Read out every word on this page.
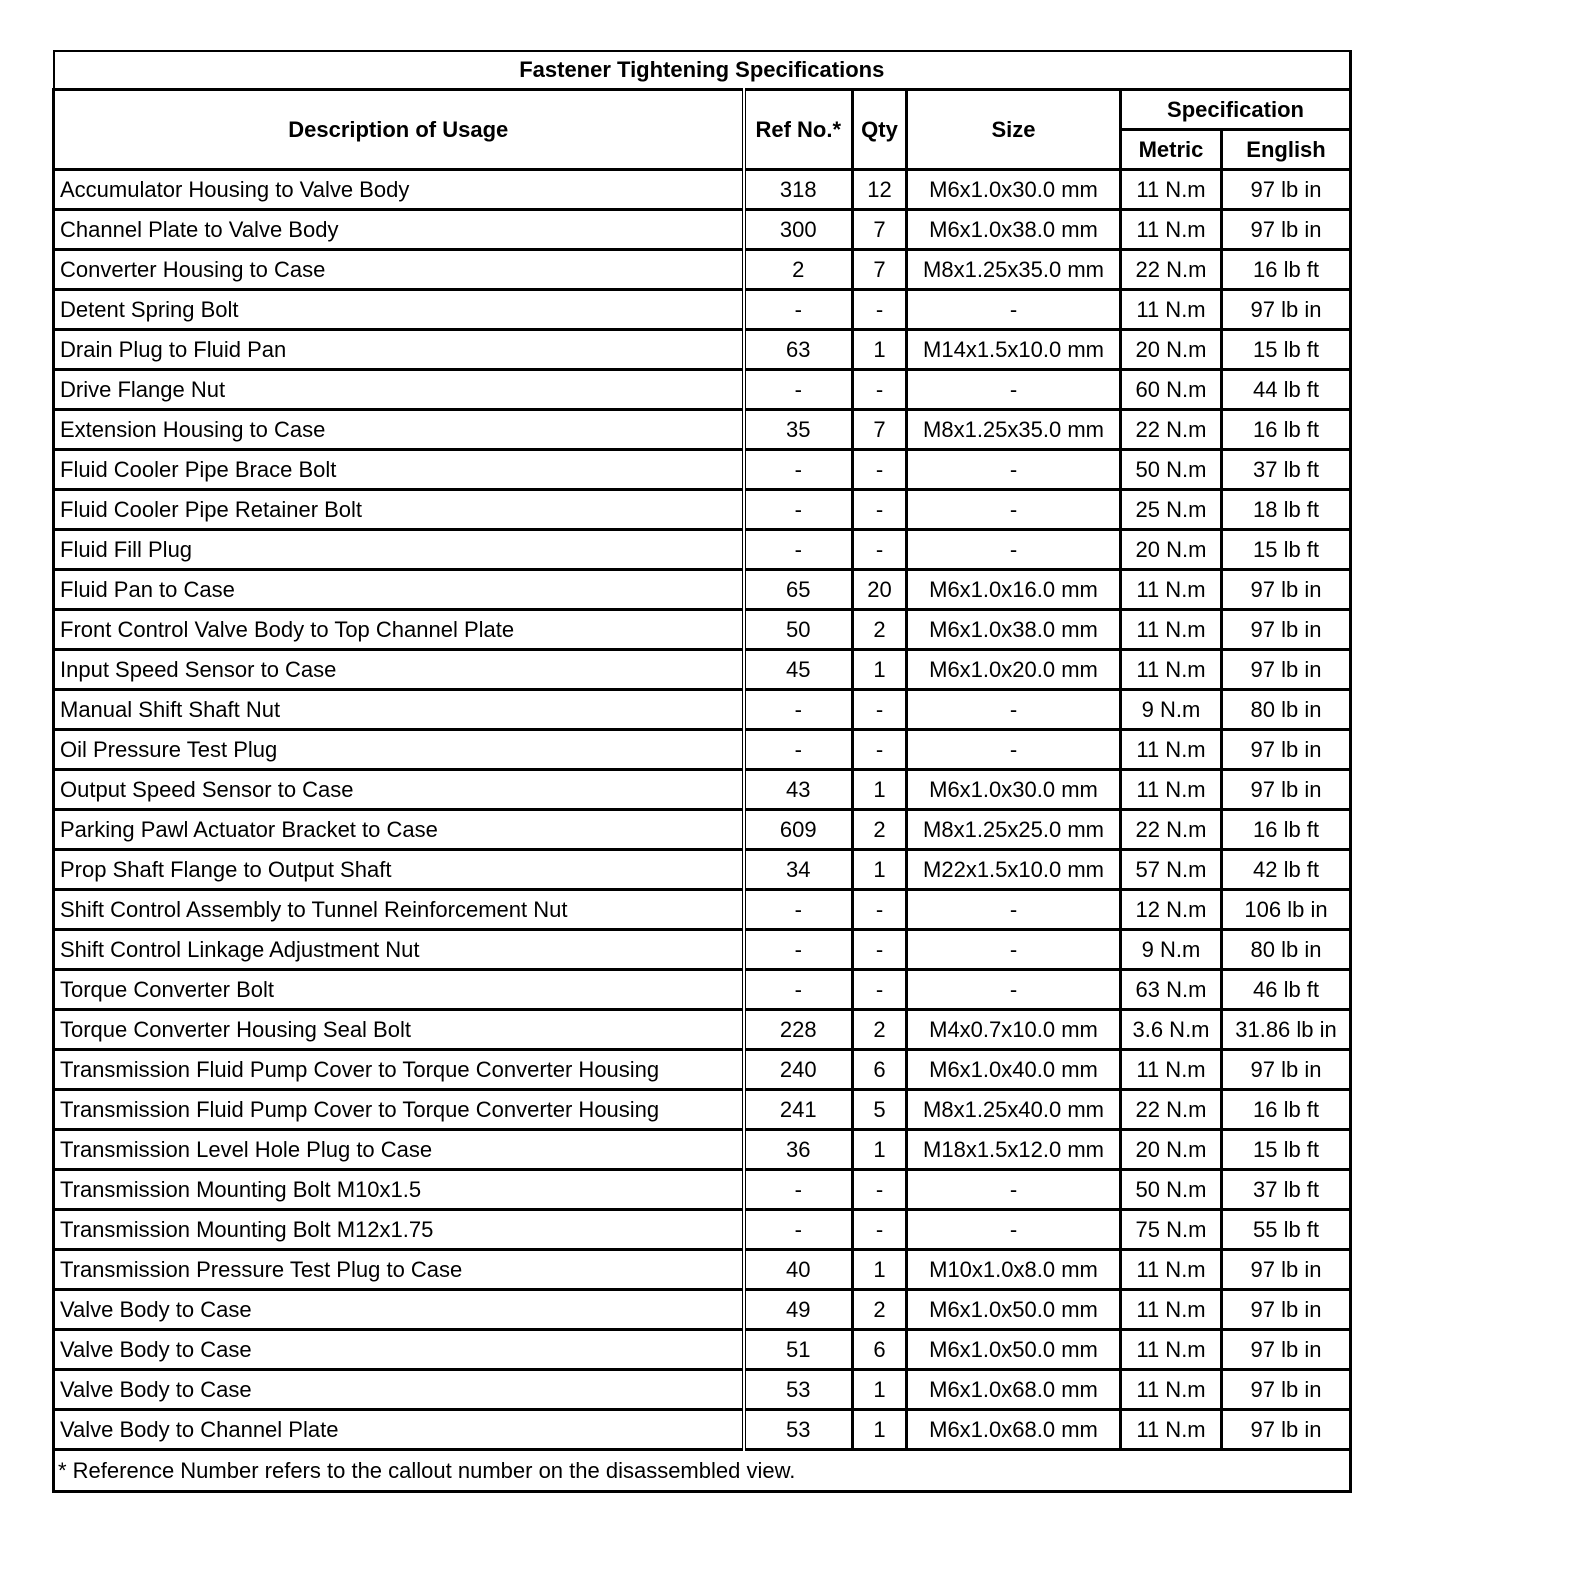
Fastener Tightening Specifications					
Description of Usage	Ref No.*	Qty	Size	Specification	
				Metric	English
Accumulator Housing to Valve Body	318	12	M6x1.0x30.0 mm	11 N.m	97 lb in
Channel Plate to Valve Body	300	7	M6x1.0x38.0 mm	11 N.m	97 lb in
Converter Housing to Case	2	7	M8x1.25x35.0 mm	22 N.m	16 lb ft
Detent Spring Bolt	-	-	-	11 N.m	97 lb in
Drain Plug to Fluid Pan	63	1	M14x1.5x10.0 mm	20 N.m	15 lb ft
Drive Flange Nut	-	-	-	60 N.m	44 lb ft
Extension Housing to Case	35	7	M8x1.25x35.0 mm	22 N.m	16 lb ft
Fluid Cooler Pipe Brace Bolt	-	-	-	50 N.m	37 lb ft
Fluid Cooler Pipe Retainer Bolt	-	-	-	25 N.m	18 lb ft
Fluid Fill Plug	-	-	-	20 N.m	15 lb ft
Fluid Pan to Case	65	20	M6x1.0x16.0 mm	11 N.m	97 lb in
Front Control Valve Body to Top Channel Plate	50	2	M6x1.0x38.0 mm	11 N.m	97 lb in
Input Speed Sensor to Case	45	1	M6x1.0x20.0 mm	11 N.m	97 lb in
Manual Shift Shaft Nut	-	-	-	9 N.m	80 lb in
Oil Pressure Test Plug	-	-	-	11 N.m	97 lb in
Output Speed Sensor to Case	43	1	M6x1.0x30.0 mm	11 N.m	97 lb in
Parking Pawl Actuator Bracket to Case	609	2	M8x1.25x25.0 mm	22 N.m	16 lb ft
Prop Shaft Flange to Output Shaft	34	1	M22x1.5x10.0 mm	57 N.m	42 lb ft
Shift Control Assembly to Tunnel Reinforcement Nut	-	-	-	12 N.m	106 lb in
Shift Control Linkage Adjustment Nut	-	-	-	9 N.m	80 lb in
Torque Converter Bolt	-	-	-	63 N.m	46 lb ft
Torque Converter Housing Seal Bolt	228	2	M4x0.7x10.0 mm	3.6 N.m	31.86 lb in
Transmission Fluid Pump Cover to Torque Converter Housing	240	6	M6x1.0x40.0 mm	11 N.m	97 lb in
Transmission Fluid Pump Cover to Torque Converter Housing	241	5	M8x1.25x40.0 mm	22 N.m	16 lb ft
Transmission Level Hole Plug to Case	36	1	M18x1.5x12.0 mm	20 N.m	15 lb ft
Transmission Mounting Bolt M10x1.5	-	-	-	50 N.m	37 lb ft
Transmission Mounting Bolt M12x1.75	-	-	-	75 N.m	55 lb ft
Transmission Pressure Test Plug to Case	40	1	M10x1.0x8.0 mm	11 N.m	97 lb in
Valve Body to Case	49	2	M6x1.0x50.0 mm	11 N.m	97 lb in
Valve Body to Case	51	6	M6x1.0x50.0 mm	11 N.m	97 lb in
Valve Body to Case	53	1	M6x1.0x68.0 mm	11 N.m	97 lb in
Valve Body to Channel Plate	53	1	M6x1.0x68.0 mm	11 N.m	97 lb in
* Reference Number refers to the callout number on the disassembled view.					
